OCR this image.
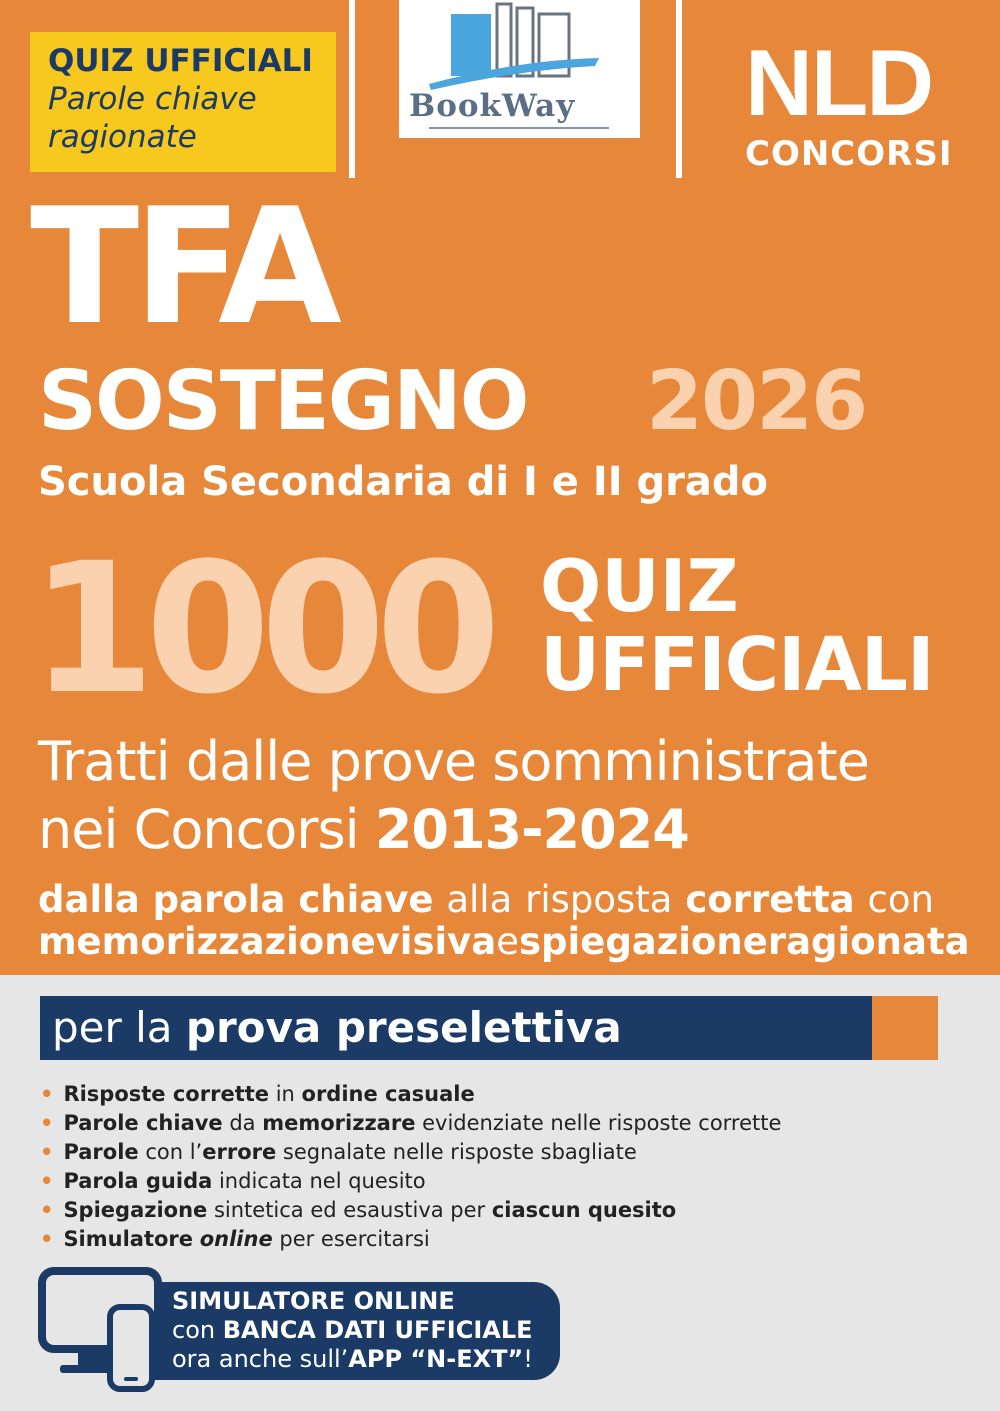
QUIZ UFFICIALI
Parole chiave
ragionate
BookWay NLD
CONCORSI
TFA
SOSTEGNO 2026
Scuola Secondaria di I e II grado
1000 QUIZ
UFFICIALI
Tratti dalle prove somministrate
nei Concorsi 2013-2024
dalla parola chiave alla risposta corretta con
memorizzazione visiva e spiegazione ragionata
per la prova preselettiva
• Risposte corrette in ordine casuale
• Parole chiave da memorizzare evidenziate nelle risposte corrette
• Parole con l’errore segnalate nelle risposte sbagliate
• Parola guida indicata nel quesito
• Spiegazione sintetica ed esaustiva per ciascun quesito
• Simulatore online per esercitarsi
SIMULATORE ONLINE
con BANCA DATI UFFICIALE
ora anche sull’APP “N-EXT”!
